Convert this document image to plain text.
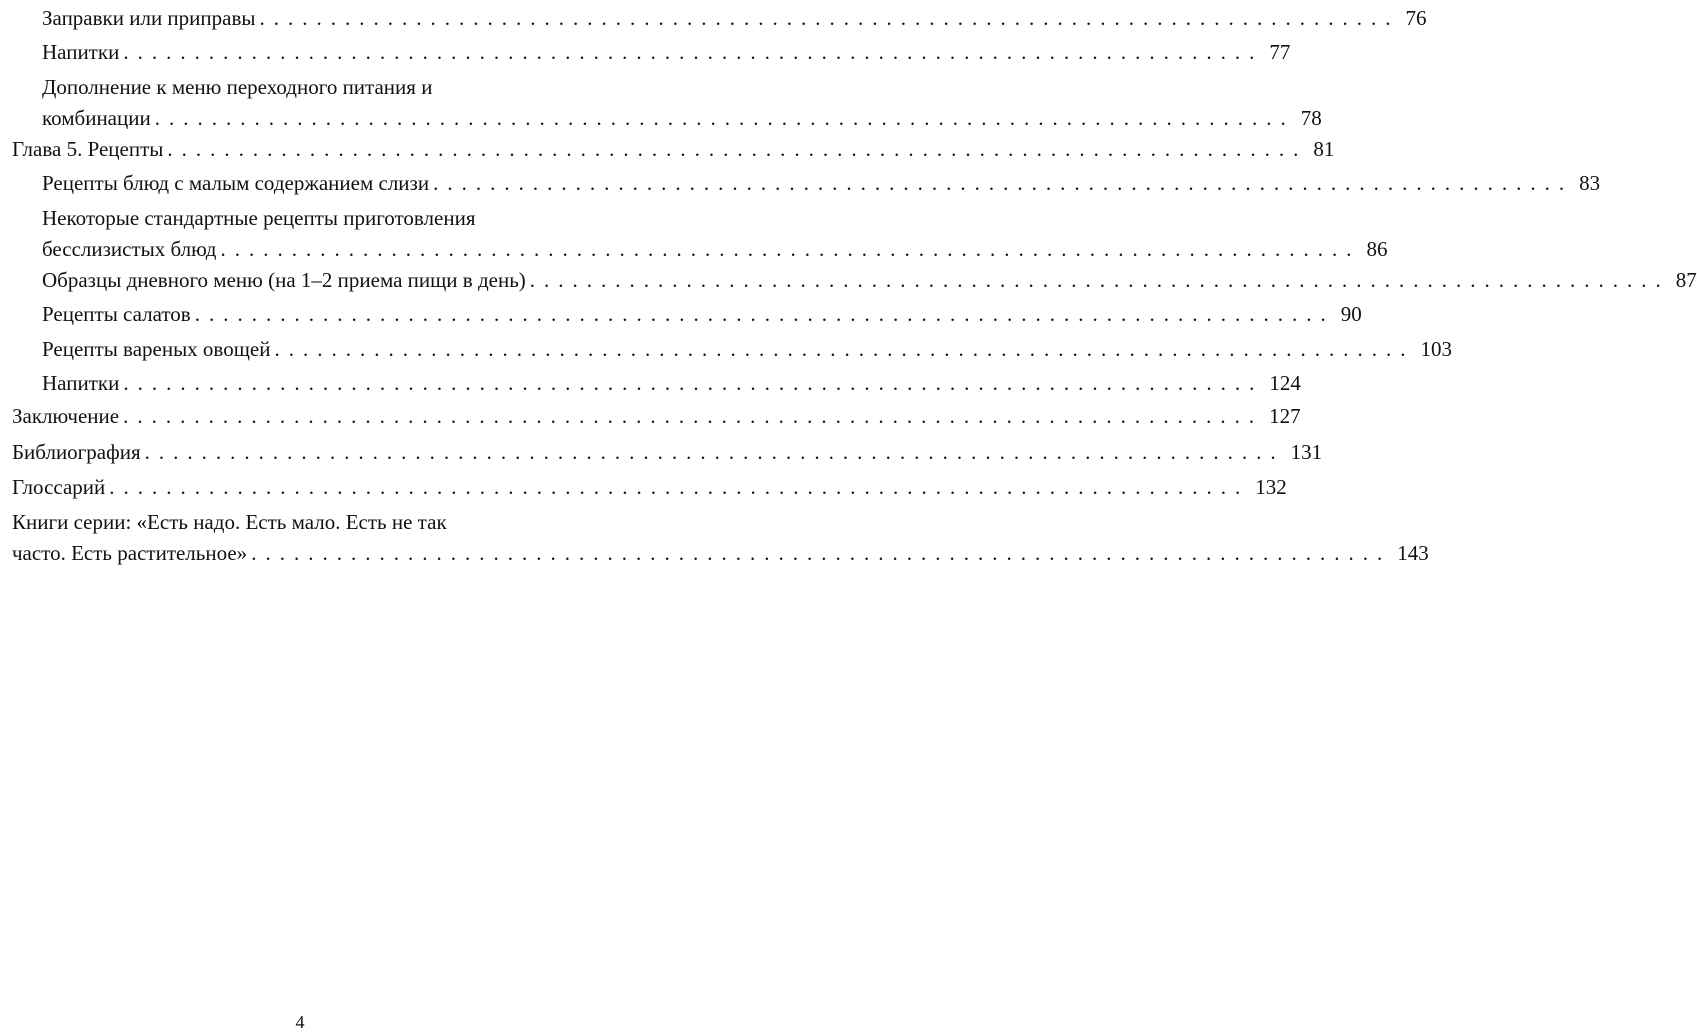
Заправки или приправы ................................................................................ 76
Напитки ................................................................................ 77
Дополнение к меню переходного питания и
комбинации ................................................................................ 78
Глава 5. Рецепты ................................................................................ 81
Рецепты блюд с малым содержанием слизи ................................................................................ 83
Некоторые стандартные рецепты приготовления
бесслизистых блюд ................................................................................ 86
Образцы дневного меню (на 1–2 приема пищи в день) ................................................................................ 87
Рецепты салатов ................................................................................ 90
Рецепты вареных овощей ................................................................................ 103
Напитки ................................................................................ 124
Заключение ................................................................................ 127
Библиография ................................................................................ 131
Глоссарий ................................................................................ 132
Книги серии: «Есть надо. Есть мало. Есть не так
часто. Есть растительное» ................................................................................ 143
4
